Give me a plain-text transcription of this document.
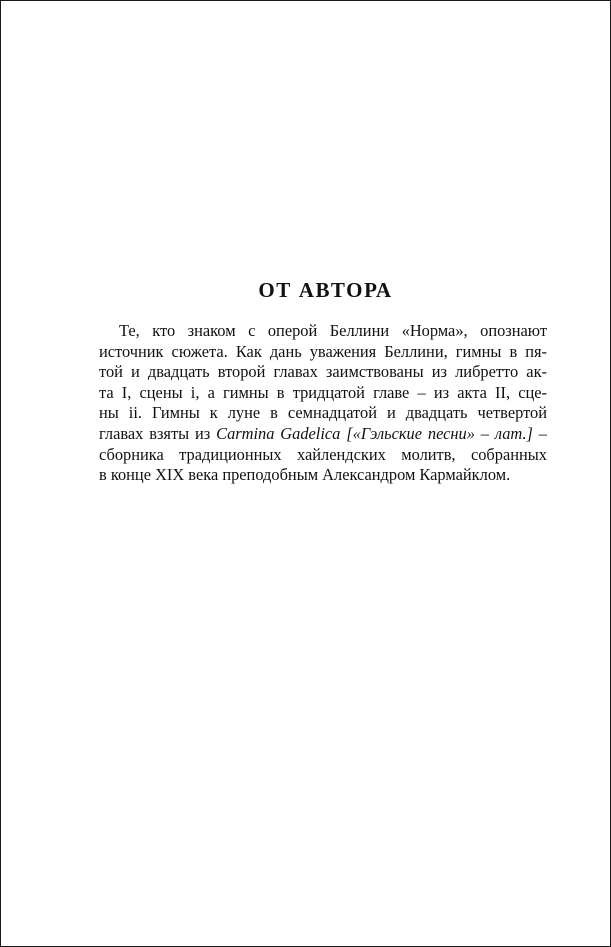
ОТ АВТОРА
Те, кто знаком с оперой Беллини «Норма», опознают
источник сюжета. Как дань уважения Беллини, гимны в пя-
той и двадцать второй главах заимствованы из либретто ак-
та I, сцены i, а гимны в тридцатой главе – из акта II, сце-
ны ii. Гимны к луне в семнадцатой и двадцать четвертой
главах взяты из Carmina Gadelica [«Гэльские песни» – лат.] –
сборника традиционных хайлендских молитв, собранных
в конце XIX века преподобным Александром Кармайклом.
